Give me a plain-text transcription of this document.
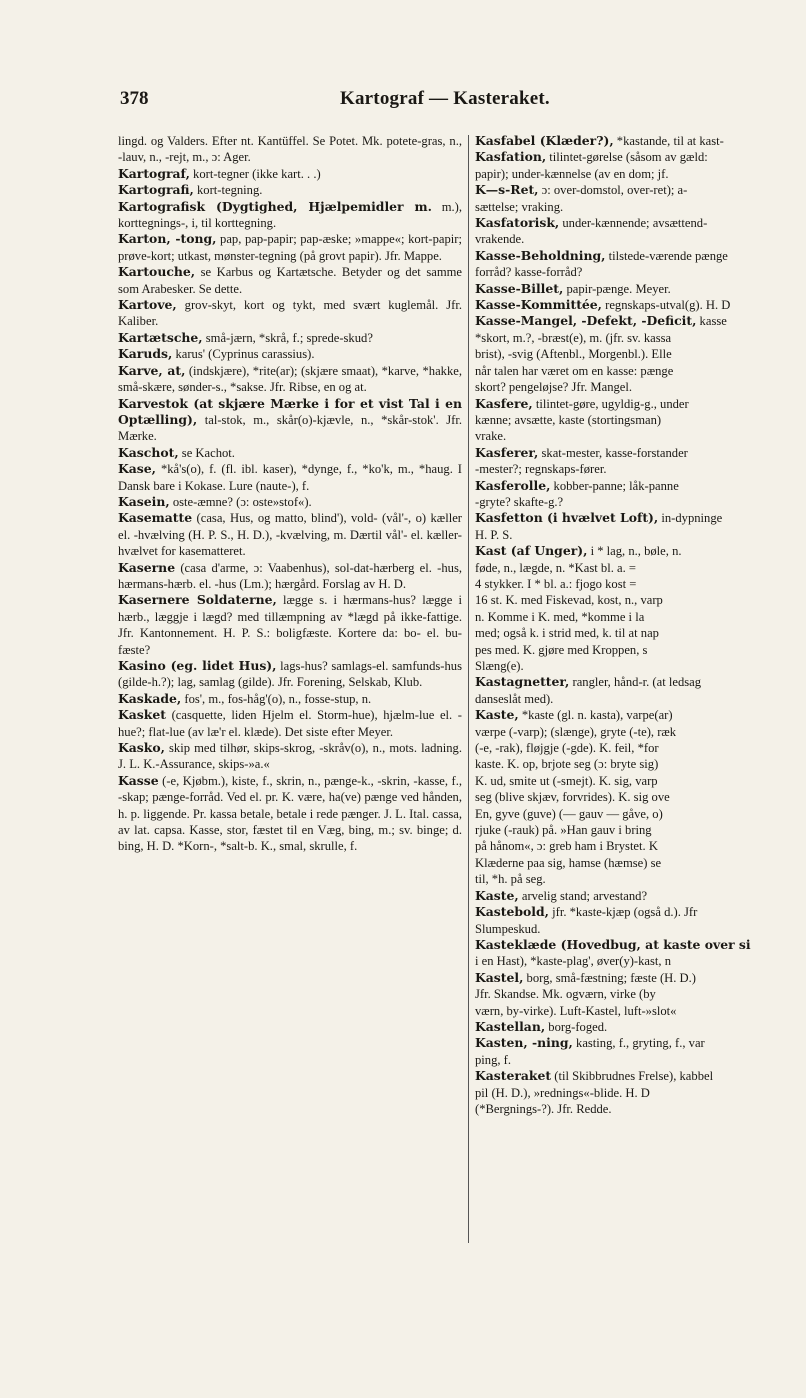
378	Kartograf — Kasteraket.
lingd. og Valders. Efter nt. Kantüffel. Se Potet. Mk. potete-gras, n., -lauv, n., -rejt, m., ɔ: Ager.
Kartograf, kort-tegner (ikke kart. . .)
Kartografi, kort-tegning.
Kartografisk (Dygtighed, Hjælpemidler m. m.), korttegnings-, i, til korttegning.
Karton, -tong, pap, pap-papir; pap-æske; »mappe«; kort-papir; prøve-kort; utkast, mønster-tegning (på grovt papir). Jfr. Mappe.
Kartouche, se Karbus og Kartætsche. Betyder og det samme som Arabesker. Se dette.
Kartove, grov-skyt, kort og tykt, med svært kuglemål. Jfr. Kaliber.
Kartætsche, små-jærn, *skrå, f.; sprede-skud?
Karuds, karus' (Cyprinus carassius).
Karve, at, (indskjære), *rite(ar); (skjære smaat), *karve, *hakke, små-skære, sønder-s., *sakse. Jfr. Ribse, en og at.
Karvestok (at skjære Mærke i for et vist Tal i en Optælling), tal-stok, m., skår(o)-kjævle, n., *skår-stok'. Jfr. Mærke.
Kaschot, se Kachot.
Kase, *kå's(o), f. (fl. ibl. kaser), *dynge, f., *ko'k, m., *haug. I Dansk bare i Kokase. Lure (naute-), f.
Kasein, oste-æmne? (ɔ: oste»stof«).
Kasematte (casa, Hus, og matto, blind'), vold- (vål'-, o) kæller el. -hvælving (H. P. S., H. D.), -kvælving, m. Dærtil vål'- el. kæller-hvælvet for kasematteret.
Kaserne (casa d'arme, ɔ: Vaabenhus), sol-dat-hærberg el. -hus, hærmans-hærb. el. -hus (Lm.); hærgård. Forslag av H. D.
Kasernere Soldaterne, lægge s. i hærmans-hus? lægge i hærb., læggje i lægd? med tillæmpning av *lægd på ikke-fattige. Jfr. Kantonnement. H. P. S.: boligfæste. Kortere da: bo- el. bu-fæste?
Kasino (eg. lidet Hus), lags-hus? samlags-el. samfunds-hus (gilde-h.?); lag, samlag (gilde). Jfr. Forening, Selskab, Klub.
Kaskade, fos', m., fos-håg'(o), n., fosse-stup, n.
Kasket (casquette, liden Hjelm el. Storm-hue), hjælm-lue el. -hue?; flat-lue (av læ'r el. klæde). Det siste efter Meyer.
Kasko, skip med tilhør, skips-skrog, -skråv(o), n., mots. ladning. J. L. K.-Assurance, skips-»a.«
Kasse (-e, Kjøbm.), kiste, f., skrin, n., pænge-k., -skrin, -kasse, f., -skap; pænge-forråd. Ved el. pr. K. være, ha(ve) pænge ved hånden, h. p. liggende. Pr. kassa betale, betale i rede pænger. J. L. Ital. cassa, av lat. capsa. Kasse, stor, fæstet til en Væg, bing, m.; sv. binge; d. bing, H. D. *Korn-, *salt-b. K., smal, skrulle, f.
Kasfabel (Klæder?), *kastande, til at kast-
Kasfation, tilintet-gørelse (såsom av gæld:
papir); under-kænnelse (av en dom; jf.
K—s-Ret, ɔ: over-domstol, over-ret); a-
sættelse; vraking.
Kasfatorisk, under-kænnende; avsættend-
vrakende.
Kasse-Beholdning, tilstede-værende pænge
forråd? kasse-forråd?
Kasse-Billet, papir-pænge. Meyer.
Kasse-Kommittée, regnskaps-utval(g). H. D
Kasse-Mangel, -Defekt, -Deficit, kasse
*skort, m.?, -bræst(e), m. (jfr. sv. kassa
brist), -svig (Aftenbl., Morgenbl.). Elle
når talen har været om en kasse: pænge
skort? pengeløjse? Jfr. Mangel.
Kasfere, tilintet-gøre, ugyldig-g., under
kænne; avsætte, kaste (stortingsman)
vrake.
Kasferer, skat-mester, kasse-forstander
-mester?; regnskaps-fører.
Kasferolle, kobber-panne; låk-panne
-gryte? skafte-g.?
Kasfetton (i hvælvet Loft), in-dypninge
H. P. S.
Kast (af Unger), i * lag, n., bøle, n.
føde, n., lægde, n. *Kast bl. a. =
4 stykker. I * bl. a.: fjogo kost =
16 st. K. med Fiskevad, kost, n., varp
n. Komme i K. med, *komme i la
med; også k. i strid med, k. til at nap
pes med. K. gjøre med Kroppen, s
Slæng(e).
Kastagnetter, rangler, hånd-r. (at ledsag
danseslåt med).
Kaste, *kaste (gl. n. kasta), varpe(ar)
værpe (-varp); (slænge), gryte (-te), ræk
(-e, -rak), fløjgje (-gde). K. feil, *for
kaste. K. op, brjote seg (ɔ: bryte sig)
K. ud, smite ut (-smejt). K. sig, varp
seg (blive skjæv, forvrides). K. sig ove
En, gyve (guve) (— gauv — gåve, o)
rjuke (-rauk) på. »Han gauv i bring
på hånom«, ɔ: greb ham i Brystet. K
Klæderne paa sig, hamse (hæmse) se
til, *h. på seg.
Kaste, arvelig stand; arvestand?
Kastebold, jfr. *kaste-kjæp (også d.). Jfr
Slumpeskud.
Kasteklæde (Hovedbug, at kaste over si
i en Hast), *kaste-plag', øver(y)-kast, n
Kastel, borg, små-fæstning; fæste (H. D.)
Jfr. Skandse. Mk. ogværn, virke (by
værn, by-virke). Luft-Kastel, luft-»slot«
Kastellan, borg-foged.
Kasten, -ning, kasting, f., gryting, f., var
ping, f.
Kasteraket (til Skibbrudnes Frelse), kabbel
pil (H. D.), »rednings«-blide. H. D
(*Bergnings-?). Jfr. Redde.
